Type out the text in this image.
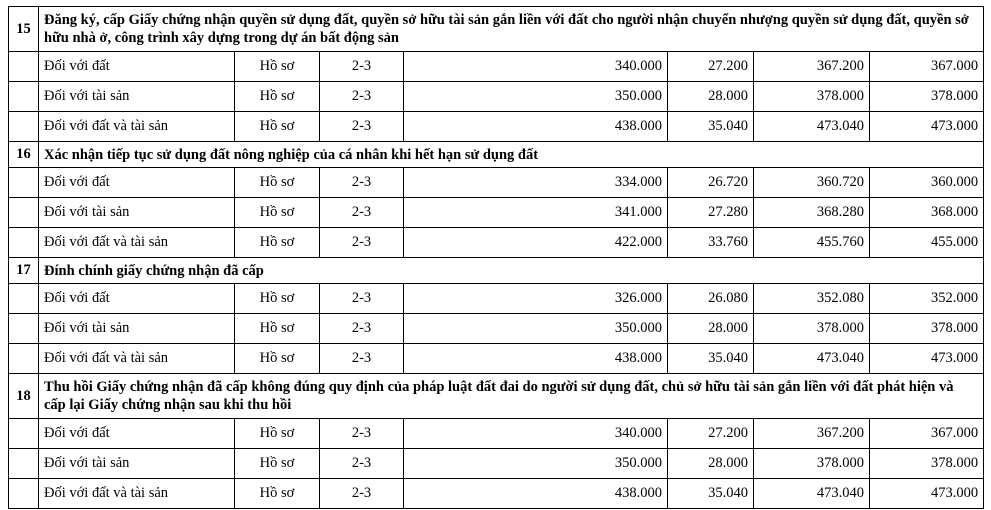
15	Đăng ký, cấp Giấy chứng nhận quyền sử dụng đất, quyền sở hữu tài sản gắn liền với đất cho người nhận chuyển nhượng quyền sử dụng đất, quyền sở hữu nhà ở, công trình xây dựng trong dự án bất động sản						
	Đối với đất	Hồ sơ	2-3	340.000	27.200	367.200	367.000
	Đối với tài sản	Hồ sơ	2-3	350.000	28.000	378.000	378.000
	Đối với đất và tài sản	Hồ sơ	2-3	438.000	35.040	473.040	473.000
16	Xác nhận tiếp tục sử dụng đất nông nghiệp của cá nhân khi hết hạn sử dụng đất						
	Đối với đất	Hồ sơ	2-3	334.000	26.720	360.720	360.000
	Đối với tài sản	Hồ sơ	2-3	341.000	27.280	368.280	368.000
	Đối với đất và tài sản	Hồ sơ	2-3	422.000	33.760	455.760	455.000
17	Đính chính giấy chứng nhận đã cấp						
	Đối với đất	Hồ sơ	2-3	326.000	26.080	352.080	352.000
	Đối với tài sản	Hồ sơ	2-3	350.000	28.000	378.000	378.000
	Đối với đất và tài sản	Hồ sơ	2-3	438.000	35.040	473.040	473.000
18	Thu hồi Giấy chứng nhận đã cấp không đúng quy định của pháp luật đất đai do người sử dụng đất, chủ sở hữu tài sản gắn liền với đất phát hiện và cấp lại Giấy chứng nhận sau khi thu hồi						
	Đối với đất	Hồ sơ	2-3	340.000	27.200	367.200	367.000
	Đối với tài sản	Hồ sơ	2-3	350.000	28.000	378.000	378.000
	Đối với đất và tài sản	Hồ sơ	2-3	438.000	35.040	473.040	473.000
